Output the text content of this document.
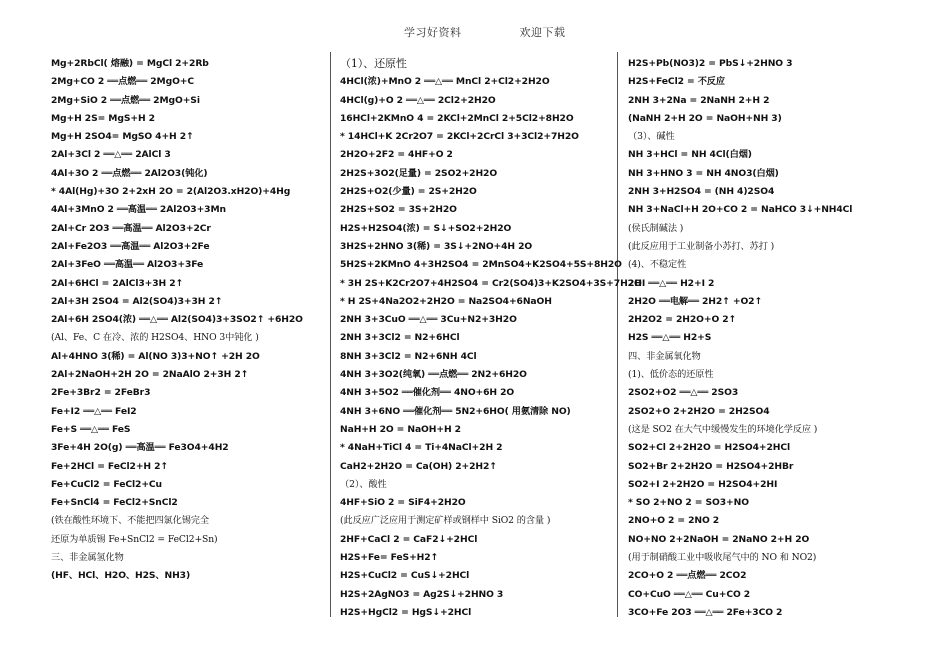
学习好资料	欢迎下载
Mg+2RbCl( 熔融) = MgCl 2+2Rb
2Mg+CO 2 ══点燃══ 2MgO+C
2Mg+SiO 2 ══点燃══ 2MgO+Si
Mg+H 2S= MgS+H 2
Mg+H 2SO4= MgSO 4+H 2↑
2Al+3Cl 2 ══△══ 2AlCl 3
4Al+3O 2 ══点燃══ 2Al2O3(钝化)
* 4Al(Hg)+3O 2+2xH 2O = 2(Al2O3.xH2O)+4Hg
4Al+3MnO 2 ══高温══ 2Al2O3+3Mn
2Al+Cr 2O3 ══高温══ Al2O3+2Cr
2Al+Fe2O3 ══高温══ Al2O3+2Fe
2Al+3FeO ══高温══ Al2O3+3Fe
2Al+6HCl = 2AlCl3+3H 2↑
2Al+3H 2SO4 = Al2(SO4)3+3H 2↑
2Al+6H 2SO4(浓) ══△══ Al2(SO4)3+3SO2↑ +6H2O
(Al、Fe、C 在冷、浓的 H2SO4、HNO 3中钝化 )
Al+4HNO 3(稀) = Al(NO 3)3+NO↑ +2H 2O
2Al+2NaOH+2H 2O = 2NaAlO 2+3H 2↑
2Fe+3Br2 = 2FeBr3
Fe+I2 ══△══ FeI2
Fe+S ══△══ FeS
3Fe+4H 2O(g) ══高温══ Fe3O4+4H2
Fe+2HCl = FeCl2+H 2↑
Fe+CuCl2 = FeCl2+Cu
Fe+SnCl4 = FeCl2+SnCl2
(铁在酸性环境下、不能把四氯化锡完全
还原为单质锡 Fe+SnCl2 = FeCl2+Sn)
三、非金属氢化物
(HF、HCl、H2O、H2S、NH3)
（1）、还原性
4HCl(浓)+MnO 2 ══△══ MnCl 2+Cl2+2H2O
4HCl(g)+O 2 ══△══ 2Cl2+2H2O
16HCl+2KMnO 4 = 2KCl+2MnCl 2+5Cl2+8H2O
* 14HCl+K 2Cr2O7 = 2KCl+2CrCl 3+3Cl2+7H2O
2H2O+2F2 = 4HF+O 2
2H2S+3O2(足量) = 2SO2+2H2O
2H2S+O2(少量) = 2S+2H2O
2H2S+SO2 = 3S+2H2O
H2S+H2SO4(浓) = S↓+SO2+2H2O
3H2S+2HNO 3(稀) = 3S↓+2NO+4H 2O
5H2S+2KMnO 4+3H2SO4 = 2MnSO4+K2SO4+5S+8H2O
* 3H 2S+K2Cr2O7+4H2SO4 = Cr2(SO4)3+K2SO4+3S+7H2O
* H 2S+4Na2O2+2H2O = Na2SO4+6NaOH
2NH 3+3CuO ══△══ 3Cu+N2+3H2O
2NH 3+3Cl2 = N2+6HCl
8NH 3+3Cl2 = N2+6NH 4Cl
4NH 3+3O2(纯氧) ══点燃══ 2N2+6H2O
4NH 3+5O2 ══催化剂══ 4NO+6H 2O
4NH 3+6NO ══催化剂══ 5N2+6HO( 用氨清除 NO)
NaH+H 2O = NaOH+H 2
* 4NaH+TiCl 4 = Ti+4NaCl+2H 2
CaH2+2H2O = Ca(OH) 2+2H2↑
（2）、酸性
4HF+SiO 2 = SiF4+2H2O
(此反应广泛应用于测定矿样或钢样中 SiO2 的含量 )
2HF+CaCl 2 = CaF2↓+2HCl
H2S+Fe= FeS+H2↑
H2S+CuCl2 = CuS↓+2HCl
H2S+2AgNO3 = Ag2S↓+2HNO 3
H2S+HgCl2 = HgS↓+2HCl
H2S+Pb(NO3)2 = PbS↓+2HNO 3
H2S+FeCl2 = 不反应
2NH 3+2Na = 2NaNH 2+H 2
(NaNH 2+H 2O = NaOH+NH 3)
（3）、碱性
NH 3+HCl = NH 4Cl(白烟)
NH 3+HNO 3 = NH 4NO3(白烟)
2NH 3+H2SO4 = (NH 4)2SO4
NH 3+NaCl+H 2O+CO 2 = NaHCO 3↓+NH4Cl
(侯氏制碱法 )
(此反应用于工业制备小苏打、苏打 )
(4)、不稳定性
2HI ══△══ H2+I 2
2H2O ══电解══ 2H2↑ +O2↑
2H2O2 = 2H2O+O 2↑
H2S ══△══ H2+S
四、非金属氧化物
(1)、低价态的还原性
2SO2+O2 ══△══ 2SO3
2SO2+O 2+2H2O = 2H2SO4
(这是 SO2 在大气中缓慢发生的环境化学反应 )
SO2+Cl 2+2H2O = H2SO4+2HCl
SO2+Br 2+2H2O = H2SO4+2HBr
SO2+I 2+2H2O = H2SO4+2HI
* SO 2+NO 2 = SO3+NO
2NO+O 2 = 2NO 2
NO+NO 2+2NaOH = 2NaNO 2+H 2O
(用于制硝酸工业中吸收尾气中的 NO 和 NO2)
2CO+O 2 ══点燃══ 2CO2
CO+CuO ══△══ Cu+CO 2
3CO+Fe 2O3 ══△══ 2Fe+3CO 2
